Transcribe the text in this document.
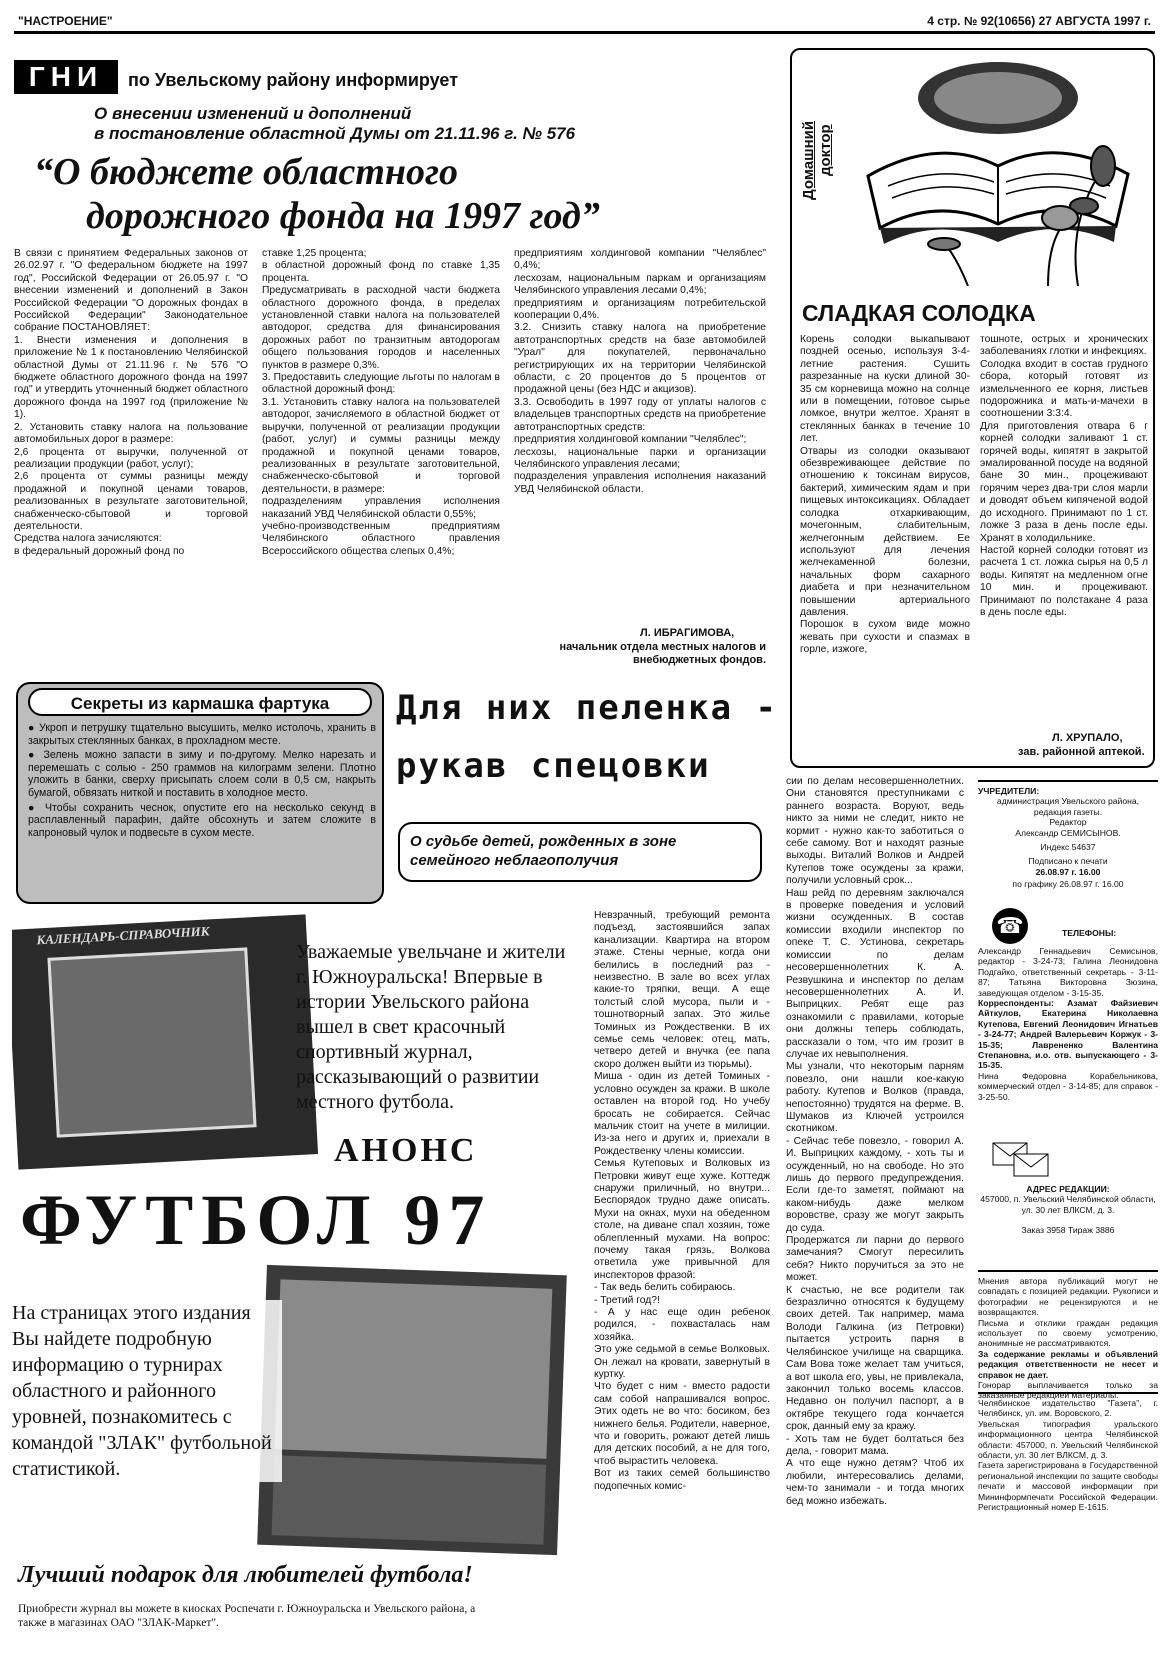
"НАСТРОЕНИЕ"	4 стр. № 92(10656) 27 АВГУСТА 1997 г.
ГНИ	по Увельскому району информирует
О внесении изменений и дополнений
в постановление областной Думы от 21.11.96 г. № 576
“О бюджете областного
дорожного фонда на 1997 год”
В связи с принятием Федеральных законов от 26.02.97 г. "О федеральном бюджете на 1997 год", Российской Федерации от 26.05.97 г. "О внесении изменений и дополнений в Закон Российской Федерации "О дорожных фондах в Российской Федерации" Законодательное собрание ПОСТАНОВЛЯЕТ:
1. Внести изменения и дополнения в приложение № 1 к постановлению Челябинской областной Думы от 21.11.96 г. № 576 "О бюджете областного дорожного фонда на 1997 год" и утвердить уточненный бюджет областного дорожного фонда на 1997 год (приложение № 1).
2. Установить ставку налога на пользование автомобильных дорог в размере:
2,6 процента от выручки, полученной от реализации продукции (работ, услуг);
2,6 процента от суммы разницы между продажной и покупной ценами товаров, реализованных в результате заготовительной, снабженческо-сбытовой и торговой деятельности.
Средства налога зачисляются:
в федеральный дорожный фонд по
ставке 1,25 процента;
в областной дорожный фонд по ставке 1,35 процента.
Предусматривать в расходной части бюджета областного дорожного фонда, в пределах установленной ставки налога на пользователей автодорог, средства для финансирования дорожных работ по транзитным автодорогам общего пользования городов и населенных пунктов в размере 0,3%.
3. Предоставить следующие льготы по налогам в областной дорожный фонд:
3.1. Установить ставку налога на пользователей автодорог, зачисляемого в областной бюджет от выручки, полученной от реализации продукции (работ, услуг) и суммы разницы между продажной и покупной ценами товаров, реализованных в результате заготовительной, снабженческо-сбытовой и торговой деятельности, в размере:
подразделениям управления исполнения наказаний УВД Челябинской области 0,55%;
учебно-производственным предприятиям Челябинского областного правления Всероссийского общества слепых 0,4%;
предприятиям холдинговой компании "Челяблес" 0,4%;
лесхозам, национальным паркам и организациям Челябинского управления лесами 0,4%;
предприятиям и организациям потребительской кооперации 0,4%.
3.2. Снизить ставку налога на приобретение автотранспортных средств на базе автомобилей "Урал" для покупателей, первоначально регистрирующих их на территории Челябинской области, с 20 процентов до 5 процентов от продажной цены (без НДС и акцизов).
3.3. Освободить в 1997 году от уплаты налогов с владельцев транспортных средств на приобретение автотранспортных средств:
предприятия холдинговой компании "Челяблес";
лесхозы, национальные парки и организации Челябинского управления лесами;
подразделения управления исполнения наказаний УВД Челябинской области.
Л. ИБРАГИМОВА,
начальник отдела местных налогов и внебюджетных фондов.
Домашний доктор
СЛАДКАЯ СОЛОДКА
Корень солодки выкапывают поздней осенью, используя 3-4-летние растения. Сушить разрезанные на куски длиной 30-35 см корневища можно на солнце или в помещении, готовое сырье ломкое, внутри желтое. Хранят в стеклянных банках в течение 10 лет.
Отвары из солодки оказывают обезвреживающее действие по отношению к токсинам вирусов, бактерий, химическим ядам и при пищевых интоксикациях. Обладает солодка отхаркивающим, мочегонным, слабительным, желчегонным действием. Ее используют для лечения желчекаменной болезни, начальных форм сахарного диабета и при незначительном повышении артериального давления.
Порошок в сухом виде можно жевать при сухости и спазмах в горле, изжоге,
тошноте, острых и хронических заболеваниях глотки и инфекциях.
Солодка входит в состав грудного сбора, который готовят из измельченного ее корня, листьев подорожника и мать-и-мачехи в соотношении 3:3:4.
Для приготовления отвара 6 г корней солодки заливают 1 ст. горячей воды, кипятят в закрытой эмалированной посуде на водяной бане 30 мин., процеживают горячим через два-три слоя марли и доводят объем кипяченой водой до исходного. Принимают по 1 ст. ложке 3 раза в день после еды. Хранят в холодильнике.
Настой корней солодки готовят из расчета 1 ст. ложка сырья на 0,5 л воды. Кипятят на медленном огне 10 мин. и процеживают. Принимают по полстакане 4 раза в день после еды.
Л. ХРУПАЛО,
зав. районной аптекой.
Секреты из кармашка фартука
● Укроп и петрушку тщательно высушить, мелко истолочь, хранить в закрытых стеклянных банках, в прохладном месте.
● Зелень можно запасти в зиму и по-другому. Мелко нарезать и перемешать с солью - 250 граммов на килограмм зелени. Плотно уложить в банки, сверху присыпать слоем соли в 0,5 см, накрыть бумагой, обвязать ниткой и поставить в холодное место.
● Чтобы сохранить чеснок, опустите его на несколько секунд в расплавленный парафин, дайте обсохнуть и затем сложите в капроновый чулок и подвесьте в сухом месте.
Для них пеленка -
рукав спецовки
О судьбе детей, рожденных в зоне семейного неблагополучия
Невзрачный, требующий ремонта подъезд, застоявшийся запах канализации. Квартира на втором этаже. Стены черные, когда они белились в последний раз - неизвестно. В зале во всех углах какие-то тряпки, вещи. А еще толстый слой мусора, пыли и - тошнотворный запах. Это жилье Томиных из Рождественки. В их семье семь человек: отец, мать, четверо детей и внучка (ее папа скоро должен выйти из тюрьмы).
Миша - один из детей Томиных - условно осужден за кражи. В школе оставлен на второй год. Но учебу бросать не собирается. Сейчас мальчик стоит на учете в милиции. Из-за него и других и, приехали в Рождественку члены комиссии.
Семья Кутеповых и Волковых из Петровки живут еще хуже. Коттедж снаружи приличный, но внутри... Беспорядок трудно даже описать. Мухи на окнах, мухи на обеденном столе, на диване спал хозяин, тоже облепленный мухами. На вопрос: почему такая грязь, Волкова ответила уже привычной для инспекторов фразой:
- Так ведь белить собираюсь.
- Третий год?!
- А у нас еще один ребенок родился, - похвасталась нам хозяйка.
Это уже седьмой в семье Волковых. Он лежал на кровати, завернутый в куртку.
Что будет с ним - вместо радости сам собой напрашивался вопрос. Этих одеть не во что: босиком, без нижнего белья. Родители, наверное, что и говорить, рожают детей лишь для детских пособий, а не для того, чтоб вырастить человека.
Вот из таких семей большинство подопечных комис-
сии по делам несовершеннолетних. Они становятся преступниками с раннего возраста. Воруют, ведь никто за ними не следит, никто не кормит - нужно как-то заботиться о себе самому. Вот и находят разные выходы. Виталий Волков и Андрей Кутепов тоже осуждены за кражи, получили условный срок...
Наш рейд по деревням заключался в проверке поведения и условий жизни осужденных. В состав комиссии входили инспектор по опеке Т. С. Устинова, секретарь комиссии по делам несовершеннолетних К. А. Резвушкина и инспектор по делам несовершеннолетних А. И. Выприцких. Ребят еще раз ознакомили с правилами, которые они должны теперь соблюдать, рассказали о том, что им грозит в случае их невыполнения.
Мы узнали, что некоторым парням повезло, они нашли кое-какую работу. Кутепов и Волков (правда, непостоянно) трудятся на ферме. В. Шумаков из Ключей устроился скотником.
- Сейчас тебе повезло, - говорил А. И. Выприцких каждому, - хоть ты и осужденный, но на свободе. Но это лишь до первого предупреждения. Если где-то заметят, поймают на каком-нибудь даже мелком воровстве, сразу же могут закрыть до суда.
Продержатся ли парни до первого замечания? Смогут пересилить себя? Никто поручиться за это не может.
К счастью, не все родители так безразлично относятся к будущему своих детей. Так например, мама Володи Галкина (из Петровки) пытается устроить парня в Челябинское училище на сварщика. Сам Вова тоже желает там учиться, а вот школа его, увы, не привлекала, закончил только восемь классов. Недавно он получил паспорт, а в октябре текущего года кончается срок, данный ему за кражу.
- Хоть там не будет болтаться без дела, - говорит мама.
А что еще нужно детям? Чтоб их любили, интересовались делами, чем-то занимали - и тогда многих бед можно избежать.
КАЛЕНДАРЬ-СПРАВОЧНИК
Уважаемые увельчане и жители г. Южноуральска! Впервые в истории Увельского района вышел в свет красочный спортивный журнал, рассказывающий о развитии местного футбола.
АНОНС
ФУТБОЛ 97
На страницах этого издания Вы найдете подробную информацию о турнирах областного и районного уровней, познакомитесь с командой "ЗЛАК" футбольной статистикой.
Лучший подарок для любителей футбола!
Приобрести журнал вы можете в киосках Роспечати г. Южноуральска и Увельского района, а также в магазинах ОАО "ЗЛАК-Маркет".
УЧРЕДИТЕЛИ:
администрация Увельского района, редакция газеты.
Редактор
Александр СЕМИСЫНОВ.
Индекс 54637
Подписано к печати
26.08.97 г. 16.00
по графику 26.08.97 г. 16.00
☎	ТЕЛЕФОНЫ:
Александр Геннадьевич Семисынов, редактор - 3-24-73; Галина Леонидовна Подгайко, ответственный секретарь - 3-11-87; Татьяна Викторовна Зюзина, заведующая отделом - 3-15-35.
Корреспонденты: Азамат Файзиевич Айткулов, Екатерина Николаевна Кутепова, Евгений Леонидович Игнатьев - 3-24-77; Андрей Валерьевич Коржук - 3-15-35; Лаврененко Валентина Степановна, и.о. отв. выпускающего - 3-15-35.
Нина Федоровна Корабельникова, коммерческий отдел - 3-14-85; для справок - 3-25-50.
АДРЕС РЕДАКЦИИ:
457000, п. Увельский Челябинской области, ул. 30 лет ВЛКСМ, д. 3.
Заказ 3958 Тираж 3886
Мнения автора публикаций могут не совпадать с позицией редакции. Рукописи и фотографии не рецензируются и не возвращаются.
Письма и отклики граждан редакция использует по своему усмотрению, анонимные не рассматриваются.
За содержание рекламы и объявлений редакция ответственности не несет и справок не дает.
Гонорар выплачивается только за заказанные редакцией материалы.
Челябинское издательство "Газета", г. Челябинск, ул. им. Воровского, 2.
Увельская типография уральского информационного центра Челябинской области: 457000, п. Увельский Челябинской области, ул. 30 лет ВЛКСМ, д. 3.
Газета зарегистрирована в Государственной региональной инспекции по защите свободы печати и массовой информации при Мининформпечати Российской Федерации. Регистрационный номер Е-1615.
